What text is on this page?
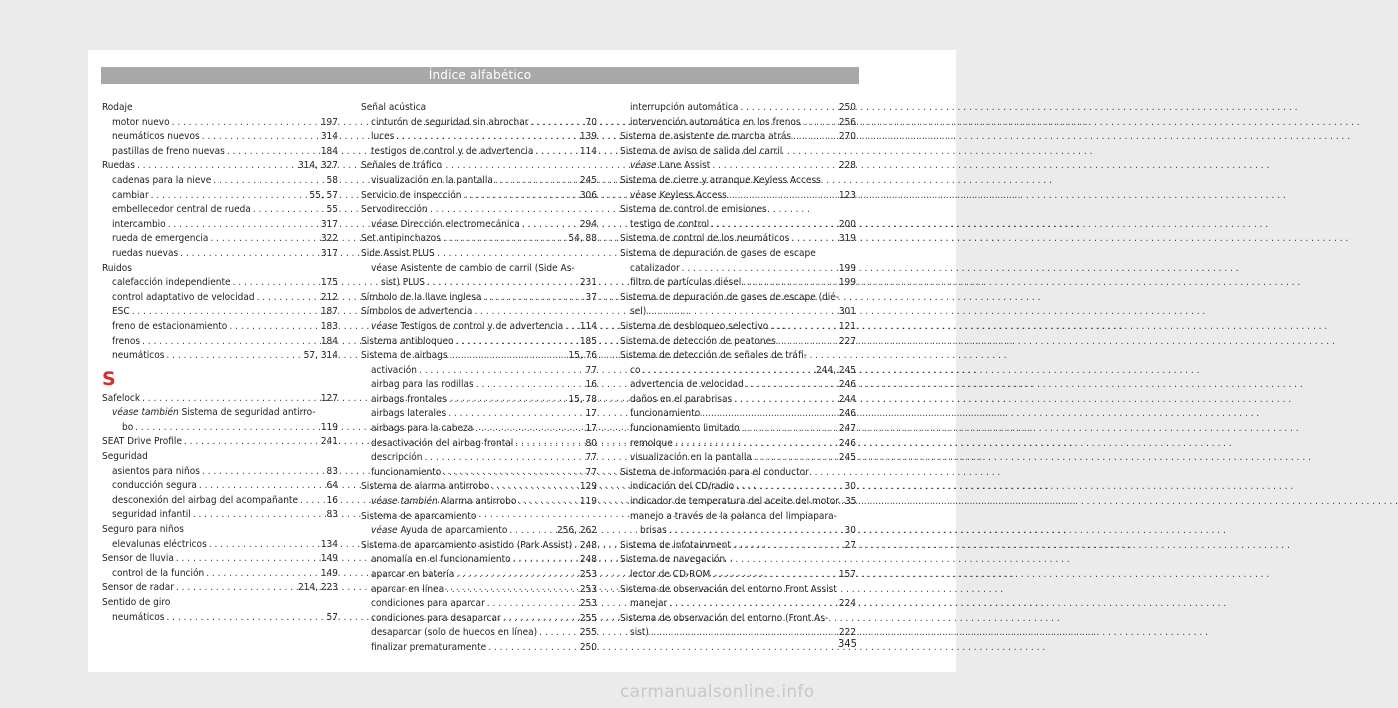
Índice alfabético
Rodaje
motor nuevo . . .	197
neumáticos nuevos . . .	314
pastillas de freno nuevas . . .	184
Ruedas . . .	314, 327
cadenas para la nieve . . .	58
cambiar . . .	55, 57
embellecedor central de rueda . . .	55
intercambio . . .	317
rueda de emergencia . . .	322
ruedas nuevas . . .	317
Ruidos
calefacción independiente . . .	175
control adaptativo de velocidad . . .	212
ESC . . .	187
freno de estacionamiento . . .	183
frenos . . .	184
neumáticos . . .	57, 314
S
Safelock . . .	127
véase también Sistema de seguridad antirro-
bo . . .	119
SEAT Drive Profile . . .	241
Seguridad
asientos para niños . . .	83
conducción segura . . .	64
desconexión del airbag del acompañante . . .	16
seguridad infantil . . .	83
Seguro para niños
elevalunas eléctricos . . .	134
Sensor de lluvia . . .	149
control de la función . . .	149
Sensor de radar . . .	214, 223
Sentido de giro
neumáticos . . .	57
Señal acústica
cinturón de seguridad sin abrochar . . .	70
luces . . .	139
testigos de control y de advertencia . . .	114
Señales de tráfico
visualización en la pantalla . . .	245
Servicio de inspección . . .	306
Servodirección
véase Dirección electromecánica . . .	294
Set antipinchazos . . .	54, 88
Side Assist PLUS
véase Asistente de cambio de carril (Side As-
sist) PLUS . . .	231
Símbolo de la llave inglesa . . .	37
Símbolos de advertencia
véase Testigos de control y de advertencia . . . 114
Sistema antibloqueo . . .	185
Sistema de airbags . . .	15, 76
activación . . .	77
airbag para las rodillas . . .	16
airbags frontales . . .	15, 78
airbags laterales . . .	17
airbags para la cabeza . . .	17
desactivación del airbag frontal . . .	80
descripción . . .	77
funcionamiento . . .	77
Sistema de alarma antirrobo . . .	129
véase también Alarma antirrobo . . .	119
Sistema de aparcamiento
véase Ayuda de aparcamiento . . .	256, 262
Sistema de aparcamiento asistido (Park Assist) . . . 248
anomalía en el funcionamiento . . .	248
aparcar en batería . . .	253
aparcar en línea . . .	253
condiciones para aparcar . . .	253
condiciones para desaparcar . . .	255
desaparcar (solo de huecos en línea) . . .	255
finalizar prematuramente . . .	250
interrupción automática . . .	250
intervención automática en los frenos . . .	256
Sistema de asistente de marcha atrás . . .	270
Sistema de aviso de salida del carril
véase Lane Assist . . .	228
Sistema de cierre y arranque Keyless Access
véase Keyless Access . . .	123
Sistema de control de emisiones
testigo de control . . .	200
Sistema de control de los neumáticos . . .	319
Sistema de depuración de gases de escape
catalizador . . .	199
filtro de partículas diésel . . .	199
Sistema de depuración de gases de escape (dié-
sel) . . .	301
Sistema de desbloqueo selectivo . . .	121
Sistema de detección de peatones . . .	227
Sistema de detección de señales de tráfi-
co . . .	244, 245
advertencia de velocidad . . .	246
daños en el parabrisas . . .	244
funcionamiento . . .	246
funcionamiento limitado . . .	247
remolque . . .	246
visualización en la pantalla . . .	245
Sistema de información para el conductor
indicación del CD/radio . . .	30
indicador de temperatura del aceite del motor . . . 35
manejo a través de la palanca del limpiapara-
brisas . . .	30
Sistema de infotainment . . .	27
Sistema de navegación
lector de CD-ROM . . .	157
Sistema de observación del entorno Front Assist
manejar . . .	224
Sistema de observación del entorno (Front As-
sist) . . .	222
345
carmanualsonline.info
